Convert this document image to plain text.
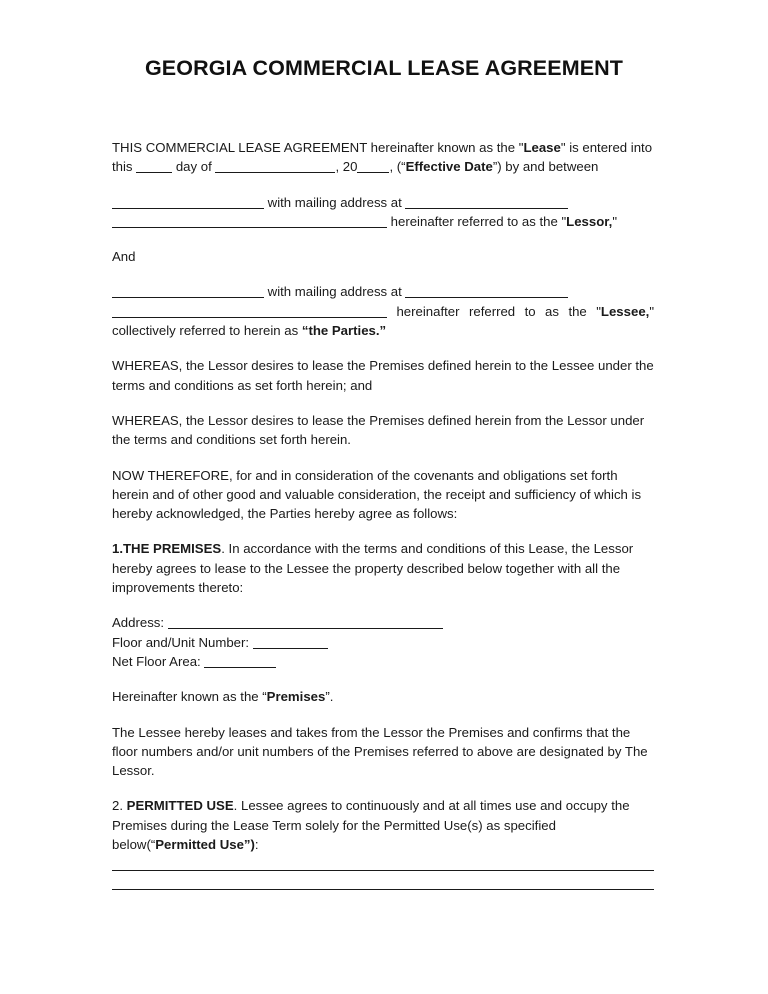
GEORGIA COMMERCIAL LEASE AGREEMENT

THIS COMMERCIAL LEASE AGREEMENT hereinafter known as the "Lease" is entered into this	day of	, 20 , (“Effective Date”) by and between

with mailing address at

hereinafter referred to as the "Lessor,"

And

with mailing address at

hereinafter referred to as the "Lessee,"

collectively referred to herein as “the Parties.”

WHEREAS, the Lessor desires to lease the Premises defined herein to the Lessee under the terms and conditions as set forth herein; and

WHEREAS, the Lessor desires to lease the Premises defined herein from the Lessor under the terms and conditions set forth herein.

NOW THEREFORE, for and in consideration of the covenants and obligations set forth herein and of other good and valuable consideration, the receipt and sufficiency of which is hereby acknowledged, the Parties hereby agree as follows:

1.THE PREMISES. In accordance with the terms and conditions of this Lease, the Lessor hereby agrees to lease to the Lessee the property described below together with all the improvements thereto:

Address:

Floor and/Unit Number:

Net Floor Area:

Hereinafter known as the “Premises”.

The Lessee hereby leases and takes from the Lessor the Premises and confirms that the floor numbers and/or unit numbers of the Premises referred to above are designated by The Lessor.

2. PERMITTED USE. Lessee agrees to continuously and at all times use and occupy the Premises during the Lease Term solely for the Permitted Use(s) as specified below(“Permitted Use”):
